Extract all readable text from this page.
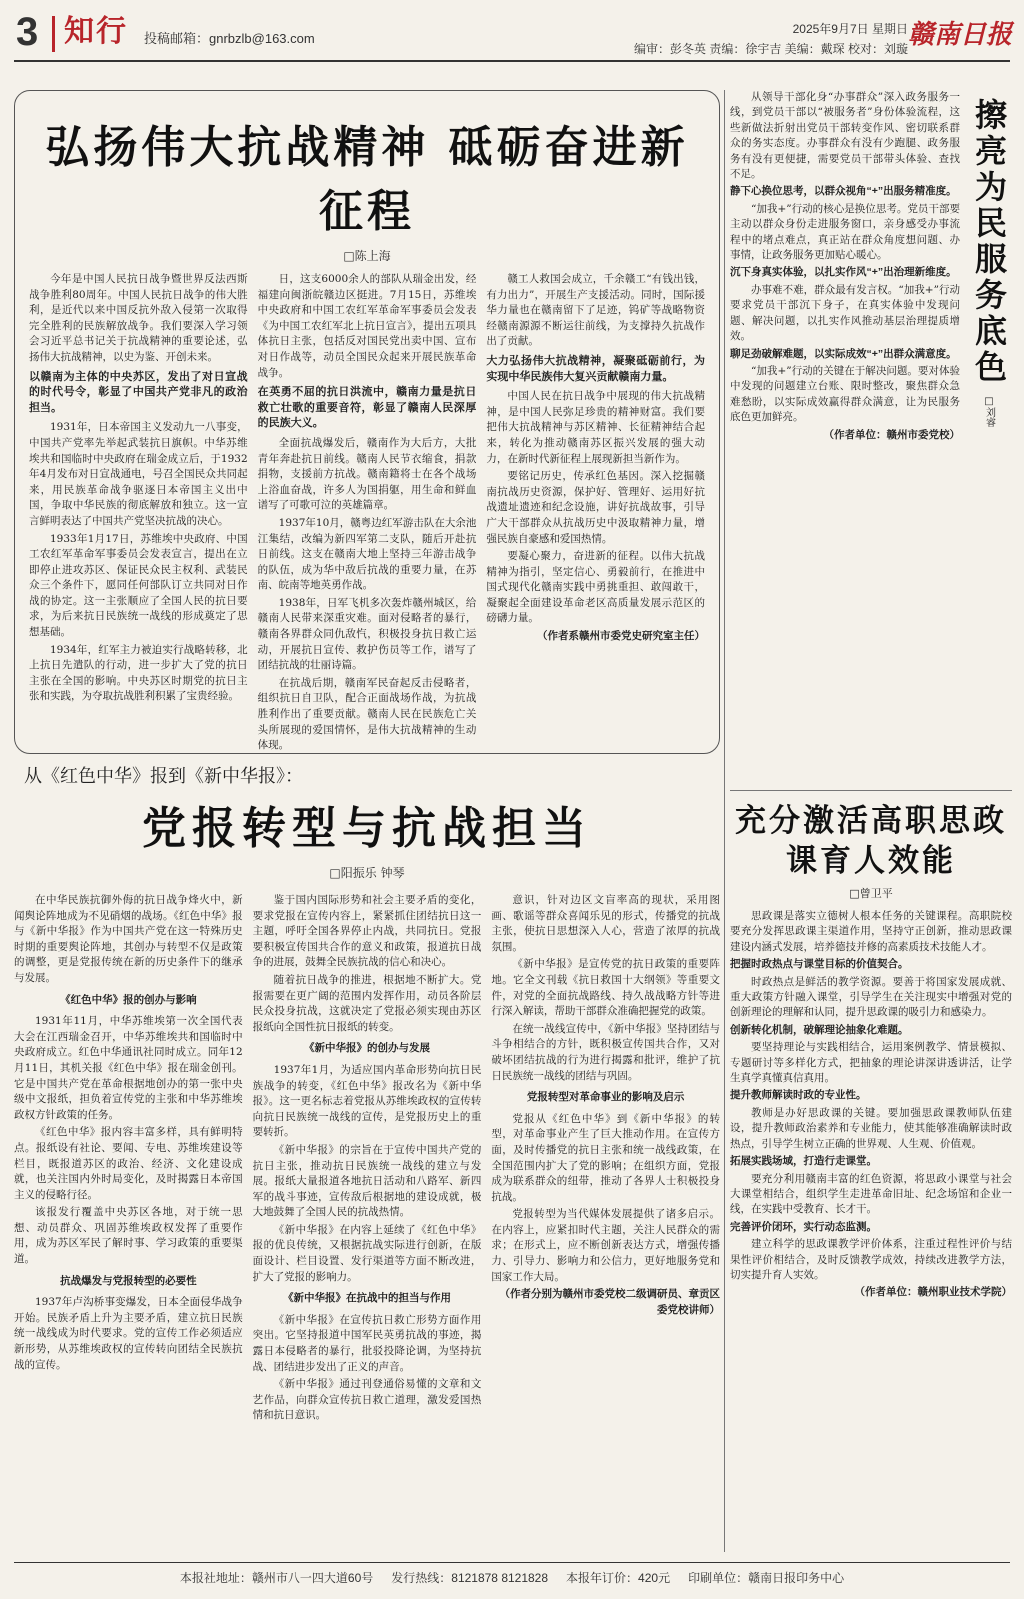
3 知行 投稿邮箱：gnrbzlb@163.com
2025年9月7日 星期日
编审：彭冬英 责编：徐宇吉 美编：戴琛 校对：刘璇 赣南日报
弘扬伟大抗战精神 砥砺奋进新征程
□陈上海

今年是中国人民抗日战争暨世界反法西斯战争胜利80周年。中国人民抗日战争的伟大胜利，是近代以来中国反抗外敌入侵第一次取得完全胜利的民族解放战争。我们要深入学习领会习近平总书记关于抗战精神的重要论述，弘扬伟大抗战精神，以史为鉴、开创未来。

以赣南为主体的中央苏区，发出了对日宣战的时代号令，彰显了中国共产党非凡的政治担当。

1931年，日本帝国主义发动九一八事变，中国共产党率先举起武装抗日旗帜。中华苏维埃共和国临时中央政府在瑞金成立后，于1932年4月发布对日宣战通电，号召全国民众共同起来，用民族革命战争驱逐日本帝国主义出中国，争取中华民族的彻底解放和独立。这一宣言鲜明表达了中国共产党坚决抗战的决心。

1933年1月17日，苏维埃中央政府、中国工农红军革命军事委员会发表宣言，提出在立即停止进攻苏区、保证民众民主权利、武装民众三个条件下，愿同任何部队订立共同对日作战的协定。这一主张顺应了全国人民的抗日要求，为后来抗日民族统一战线的形成奠定了思想基础。

1934年，红军主力被迫实行战略转移，北上抗日先遣队的行动，进一步扩大了党的抗日主张在全国的影响。中央苏区时期党的抗日主张和实践，为夺取抗战胜利积累了宝贵经验。

日，这支6000余人的部队从瑞金出发，经福建向闽浙皖赣边区挺进。7月15日，苏维埃中央政府和中国工农红军革命军事委员会发表《为中国工农红军北上抗日宣言》，提出五项具体抗日主张，包括反对国民党出卖中国、宣布对日作战等，动员全国民众起来开展民族革命战争。

在英勇不屈的抗日洪流中，赣南力量是抗日救亡壮歌的重要音符，彰显了赣南人民深厚的民族大义。

全面抗战爆发后，赣南作为大后方，大批青年奔赴抗日前线。赣南人民节衣缩食，捐款捐物，支援前方抗战。赣南籍将士在各个战场上浴血奋战，许多人为国捐躯，用生命和鲜血谱写了可歌可泣的英雄篇章。

1937年10月，赣粤边红军游击队在大余池江集结，改编为新四军第二支队，随后开赴抗日前线。这支在赣南大地上坚持三年游击战争的队伍，成为华中敌后抗战的重要力量，在苏南、皖南等地英勇作战。

1938年，日军飞机多次轰炸赣州城区，给赣南人民带来深重灾难。面对侵略者的暴行，赣南各界群众同仇敌忾，积极投身抗日救亡运动，开展抗日宣传、救护伤员等工作，谱写了团结抗战的壮丽诗篇。

在抗战后期，赣南军民奋起反击侵略者，组织抗日自卫队，配合正面战场作战，为抗战胜利作出了重要贡献。赣南人民在民族危亡关头所展现的爱国情怀，是伟大抗战精神的生动体现。

赣工人救国会成立，千余赣工“有钱出钱，有力出力”，开展生产支援活动。同时，国际援华力量也在赣南留下了足迹，钨矿等战略物资经赣南源源不断运往前线，为支撑持久抗战作出了贡献。

大力弘扬伟大抗战精神，凝聚砥砺前行，为实现中华民族伟大复兴贡献赣南力量。

中国人民在抗日战争中展现的伟大抗战精神，是中国人民弥足珍贵的精神财富。我们要把伟大抗战精神与苏区精神、长征精神结合起来，转化为推动赣南苏区振兴发展的强大动力，在新时代新征程上展现新担当新作为。

要铭记历史，传承红色基因。深入挖掘赣南抗战历史资源，保护好、管理好、运用好抗战遗址遗迹和纪念设施，讲好抗战故事，引导广大干部群众从抗战历史中汲取精神力量，增强民族自豪感和爱国热情。

要凝心聚力，奋进新的征程。以伟大抗战精神为指引，坚定信心、勇毅前行，在推进中国式现代化赣南实践中勇挑重担、敢闯敢干，凝聚起全面建设革命老区高质量发展示范区的磅礴力量。

（作者系赣州市委党史研究室主任）

从《红色中华》报到《新中华报》：
党报转型与抗战担当
□阳振乐 钟琴

在中华民族抗御外侮的抗日战争烽火中，新闻舆论阵地成为不见硝烟的战场。《红色中华》报与《新中华报》作为中国共产党在这一特殊历史时期的重要舆论阵地，其创办与转型不仅是政策的调整，更是党报传统在新的历史条件下的继承与发展。

《红色中华》报的创办与影响

1931年11月，中华苏维埃第一次全国代表大会在江西瑞金召开，中华苏维埃共和国临时中央政府成立。红色中华通讯社同时成立。同年12月11日，其机关报《红色中华》报在瑞金创刊。它是中国共产党在革命根据地创办的第一张中央级中文报纸，担负着宣传党的主张和中华苏维埃政权方针政策的任务。

《红色中华》报内容丰富多样，具有鲜明特点。报纸设有社论、要闻、专电、苏维埃建设等栏目，既报道苏区的政治、经济、文化建设成就，也关注国内外时局变化，及时揭露日本帝国主义的侵略行径。

该报发行覆盖中央苏区各地，对于统一思想、动员群众、巩固苏维埃政权发挥了重要作用，成为苏区军民了解时事、学习政策的重要渠道。

抗战爆发与党报转型的必要性

1937年卢沟桥事变爆发，日本全面侵华战争开始。民族矛盾上升为主要矛盾，建立抗日民族统一战线成为时代要求。党的宣传工作必须适应新形势，从苏维埃政权的宣传转向团结全民族抗战的宣传。

鉴于国内国际形势和社会主要矛盾的变化，要求党报在宣传内容上，紧紧抓住团结抗日这一主题，呼吁全国各界停止内战，共同抗日。党报要积极宣传国共合作的意义和政策，报道抗日战争的进展，鼓舞全民族抗战的信心和决心。

随着抗日战争的推进，根据地不断扩大。党报需要在更广阔的范围内发挥作用，动员各阶层民众投身抗战，这就决定了党报必须实现由苏区报纸向全国性抗日报纸的转变。

《新中华报》的创办与发展

1937年1月，为适应国内革命形势向抗日民族战争的转变，《红色中华》报改名为《新中华报》。这一更名标志着党报从苏维埃政权的宣传转向抗日民族统一战线的宣传，是党报历史上的重要转折。

《新中华报》的宗旨在于宣传中国共产党的抗日主张，推动抗日民族统一战线的建立与发展。报纸大量报道各地抗日活动和八路军、新四军的战斗事迹，宣传敌后根据地的建设成就，极大地鼓舞了全国人民的抗战热情。

《新中华报》在内容上延续了《红色中华》报的优良传统，又根据抗战实际进行创新，在版面设计、栏目设置、发行渠道等方面不断改进，扩大了党报的影响力。

《新中华报》在抗战中的担当与作用

《新中华报》在宣传抗日救亡形势方面作用突出。它坚持报道中国军民英勇抗战的事迹，揭露日本侵略者的暴行，批驳投降论调，为坚持抗战、团结进步发出了正义的声音。

《新中华报》通过刊登通俗易懂的文章和文艺作品，向群众宣传抗日救亡道理，激发爱国热情和抗日意识。

意识，针对边区文盲率高的现状，采用图画、歌谣等群众喜闻乐见的形式，传播党的抗战主张，使抗日思想深入人心，营造了浓厚的抗战氛围。

《新中华报》是宣传党的抗日政策的重要阵地。它全文刊载《抗日救国十大纲领》等重要文件，对党的全面抗战路线、持久战战略方针等进行深入解读，帮助干部群众准确把握党的政策。

在统一战线宣传中，《新中华报》坚持团结与斗争相结合的方针，既积极宣传国共合作，又对破坏团结抗战的行为进行揭露和批评，维护了抗日民族统一战线的团结与巩固。

党报转型对革命事业的影响及启示

党报从《红色中华》到《新中华报》的转型，对革命事业产生了巨大推动作用。在宣传方面，及时传播党的抗日主张和统一战线政策，在全国范围内扩大了党的影响；在组织方面，党报成为联系群众的纽带，推动了各界人士积极投身抗战。

党报转型为当代媒体发展提供了诸多启示。在内容上，应紧扣时代主题，关注人民群众的需求；在形式上，应不断创新表达方式，增强传播力、引导力、影响力和公信力，更好地服务党和国家工作大局。

（作者分别为赣州市委党校二级调研员、章贡区委党校讲师）

从领导干部化身“办事群众”深入政务服务一线，到党员干部以“被服务者”身份体验流程，这些新做法折射出党员干部转变作风、密切联系群众的务实态度。办事群众有没有少跑腿、政务服务有没有更便捷，需要党员干部带头体验、查找不足。

静下心换位思考，以群众视角“+”出服务精准度。

“加我+”行动的核心是换位思考。党员干部要主动以群众身份走进服务窗口，亲身感受办事流程中的堵点难点，真正站在群众角度想问题、办事情，让政务服务更加贴心暖心。

沉下身真实体验，以扎实作风“+”出治理新维度。

办事难不难，群众最有发言权。“加我+”行动要求党员干部沉下身子，在真实体验中发现问题、解决问题，以扎实作风推动基层治理提质增效。

聊足劲破解难题，以实际成效“+”出群众满意度。

“加我+”行动的关键在于解决问题。要对体验中发现的问题建立台账、限时整改，聚焦群众急难愁盼，以实际成效赢得群众满意，让为民服务底色更加鲜亮。

（作者单位：赣州市委党校）

擦亮为民服务底色
□刘睿
充分激活高职思政课育人效能
□曾卫平

思政课是落实立德树人根本任务的关键课程。高职院校要充分发挥思政课主渠道作用，坚持守正创新，推动思政课建设内涵式发展，培养德技并修的高素质技术技能人才。

把握时政热点与课堂目标的价值契合。

时政热点是鲜活的教学资源。要善于将国家发展成就、重大政策方针融入课堂，引导学生在关注现实中增强对党的创新理论的理解和认同，提升思政课的吸引力和感染力。

创新转化机制，破解理论抽象化难题。

要坚持理论与实践相结合，运用案例教学、情景模拟、专题研讨等多样化方式，把抽象的理论讲深讲透讲活，让学生真学真懂真信真用。

提升教师解读时政的专业性。

教师是办好思政课的关键。要加强思政课教师队伍建设，提升教师政治素养和专业能力，使其能够准确解读时政热点，引导学生树立正确的世界观、人生观、价值观。

拓展实践场域，打造行走课堂。

要充分利用赣南丰富的红色资源，将思政小课堂与社会大课堂相结合，组织学生走进革命旧址、纪念场馆和企业一线，在实践中受教育、长才干。

完善评价闭环，实行动态监测。

建立科学的思政课教学评价体系，注重过程性评价与结果性评价相结合，及时反馈教学成效，持续改进教学方法，切实提升育人实效。

（作者单位：赣州职业技术学院）

本报社地址：赣州市八一四大道60号 发行热线：8121878 8121828 本报年订价：420元 印刷单位：赣南日报印务中心
